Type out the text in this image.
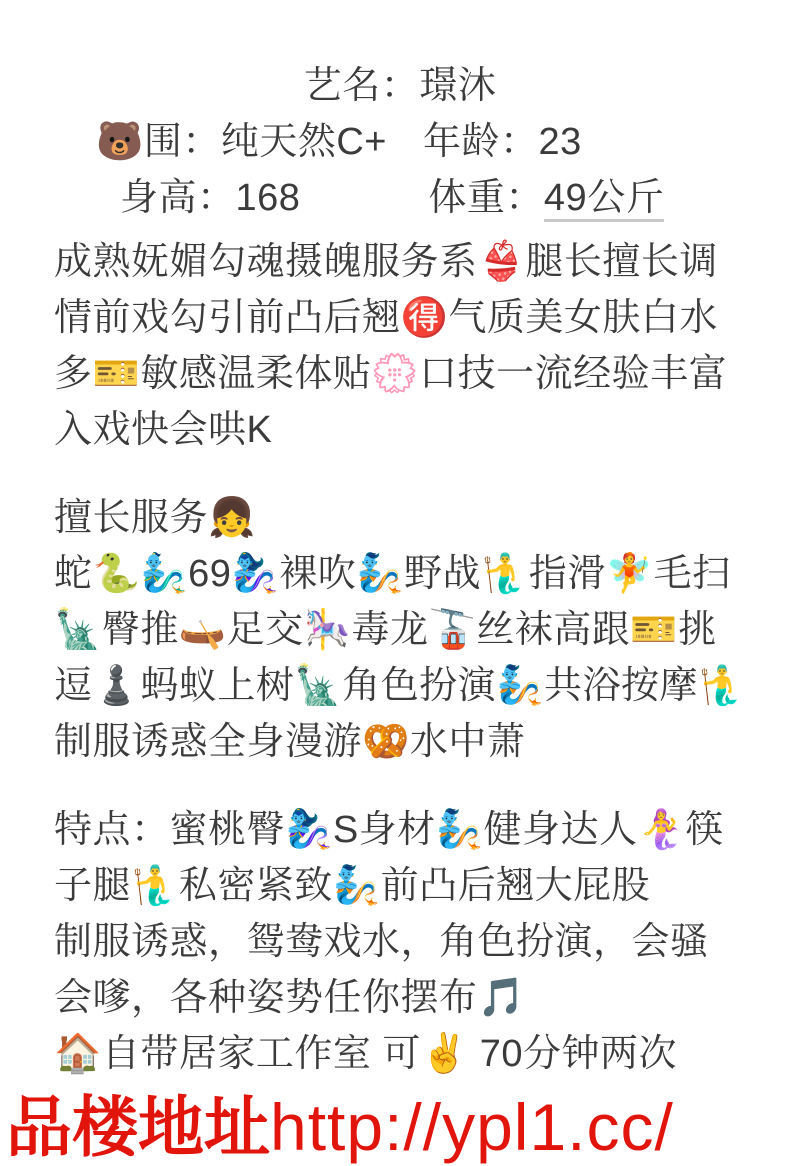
艺名：璟沐
🐻围：纯天然C+ 年龄：23
身高：168	体重：49公斤
成熟妩媚勾魂摄魄服务系👙腿长擅长调情前戏勾引前凸后翘🉐气质美女肤白水多🎫敏感温柔体贴💮口技一流经验丰富入戏快会哄K
擅长服务👧
蛇🐍🧞‍♂️69🧞‍♀️裸吹🧞野战🧜‍♂️指滑🧚毛扫🗽臀推🛶足交🎠毒龙🚡丝袜高跟🎫挑逗♟️蚂蚁上树🗽角色扮演🧞共浴按摩🧜‍♂️制服诱惑全身漫游🥨水中萧
特点：蜜桃臀🧞‍♀️S身材🧞健身达人🧜‍♀️筷子腿🧜‍♂️私密紧致🧞前凸后翘大屁股
制服诱惑，鸳鸯戏水，角色扮演，会骚会嗲，各种姿势任你摆布🎵
🏠自带居家工作室 可✌️ 70分钟两次
品楼地址http://ypl1.cc/
